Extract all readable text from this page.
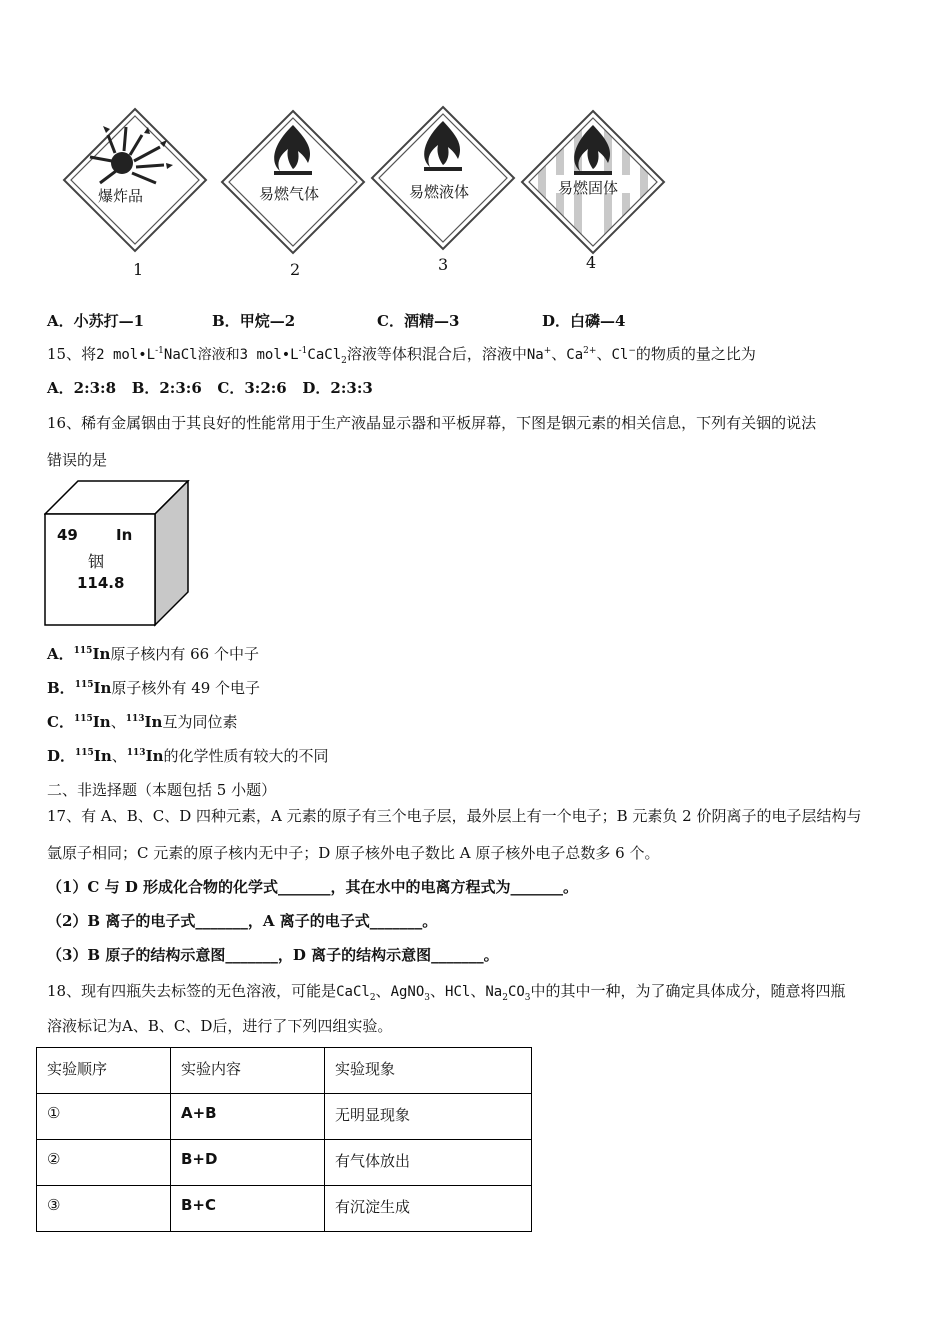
爆炸品
1
易燃气体
2
易燃液体
3
易燃固体
4
A．小苏打—1	B．甲烷—2	C．酒精—3	D．白磷—4
15、将2 $mol•L^{-1}NaCl$溶液和3 $mol•L^{-1}CaCl_2$溶液等体积混合后，溶液中Na+、$Ca^{2+}$、Cl−的物质的量之比为
A．2:3:8   B．2:3:6   C．3:2:6   D．2:3:3
16、稀有金属铟由于其良好的性能常用于生产液晶显示器和平板屏幕，下图是铟元素的相关信息，下列有关铟的说法
错误的是
49	In
铟
114.8
A．$^{115}$In原子核内有 66 个中子
B．$^{115}$In原子核外有 49 个电子
C．$^{115}$In、$^{113}$In互为同位素
D．$^{115}$In、$^{113}$In的化学性质有较大的不同
二、非选择题（本题包括 5 小题）
17、有 A、B、C、D 四种元素，A 元素的原子有三个电子层，最外层上有一个电子；B 元素负 2 价阴离子的电子层结构与
氩原子相同；C 元素的原子核内无中子；D 原子核外电子数比 A 原子核外电子总数多 6 个。
（1）C 与 D 形成化合物的化学式_______，其在水中的电离方程式为_______。
（2）B 离子的电子式_______，A 离子的电子式_______。
（3）B 原子的结构示意图_______，D 离子的结构示意图_______。
18、现有四瓶失去标签的无色溶液，可能是CaCl$_2$、AgNO$_3$、HCl、$Na_2CO_3$中的其中一种，为了确定具体成分，随意将四瓶
溶液标记为A、B、C、D后，进行了下列四组实验。
实验顺序	实验内容	实验现象
①	A+B	无明显现象
②	B+D	有气体放出
③	B+C	有沉淀生成
